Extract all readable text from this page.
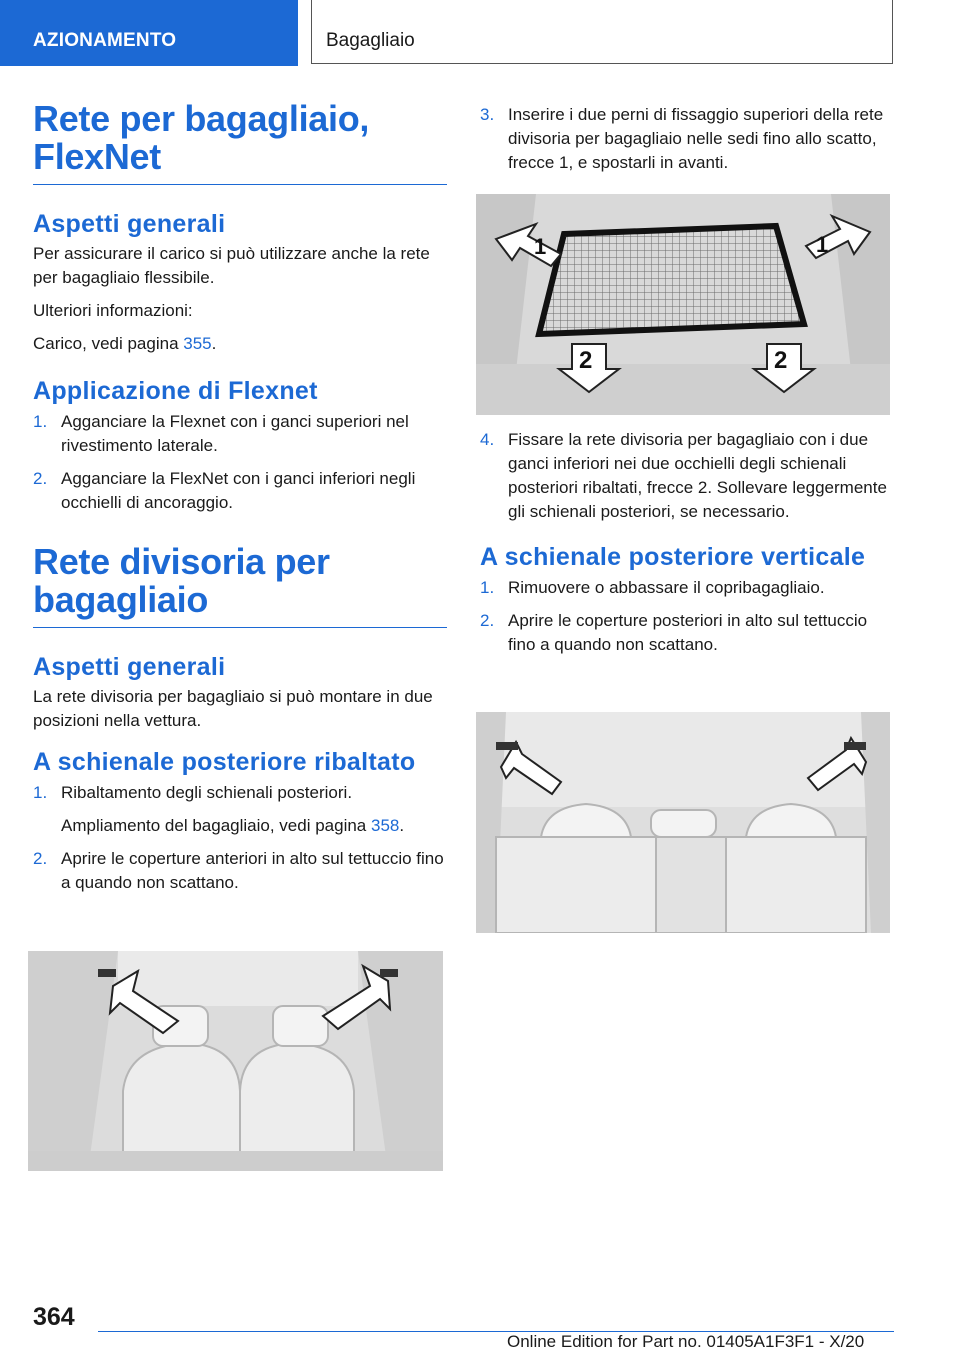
AZIONAMENTO	Bagagliaio
Rete per bagagliaio, FlexNet
Aspetti generali

Per assicurare il carico si può utilizzare anche la rete per bagagliaio flessibile.

Ulteriori informazioni:

Carico, vedi pagina 355.

Applicazione di Flexnet
1. Agganciare la Flexnet con i ganci superiori nel rivestimento laterale.
2. Agganciare la FlexNet con i ganci inferiori negli occhielli di ancoraggio.
Rete divisoria per bagagliaio
Aspetti generali

La rete divisoria per bagagliaio si può montare in due posizioni nella vettura.

A schienale posteriore ribaltato
1. Ribaltamento degli schienali posteriori.
Ampliamento del bagagliaio, vedi pagina 358.
2. Aprire le coperture anteriori in alto sul tettuccio fino a quando non scattano.
3. Inserire i due perni di fissaggio superiori della rete divisoria per bagagliaio nelle sedi fino allo scatto, frecce 1, e spostarli in avanti.
1	1
2	2
4. Fissare la rete divisoria per bagagliaio con i due ganci inferiori nei due occhielli degli schienali posteriori ribaltati, frecce 2. Sollevare leggermente gli schienali posteriori, se necessario.
A schienale posteriore verticale
1. Rimuovere o abbassare il copribagagliaio.
2. Aprire le coperture posteriori in alto sul tettuccio fino a quando non scattano.
364
Online Edition for Part no. 01405A1F3F1 - X/20
